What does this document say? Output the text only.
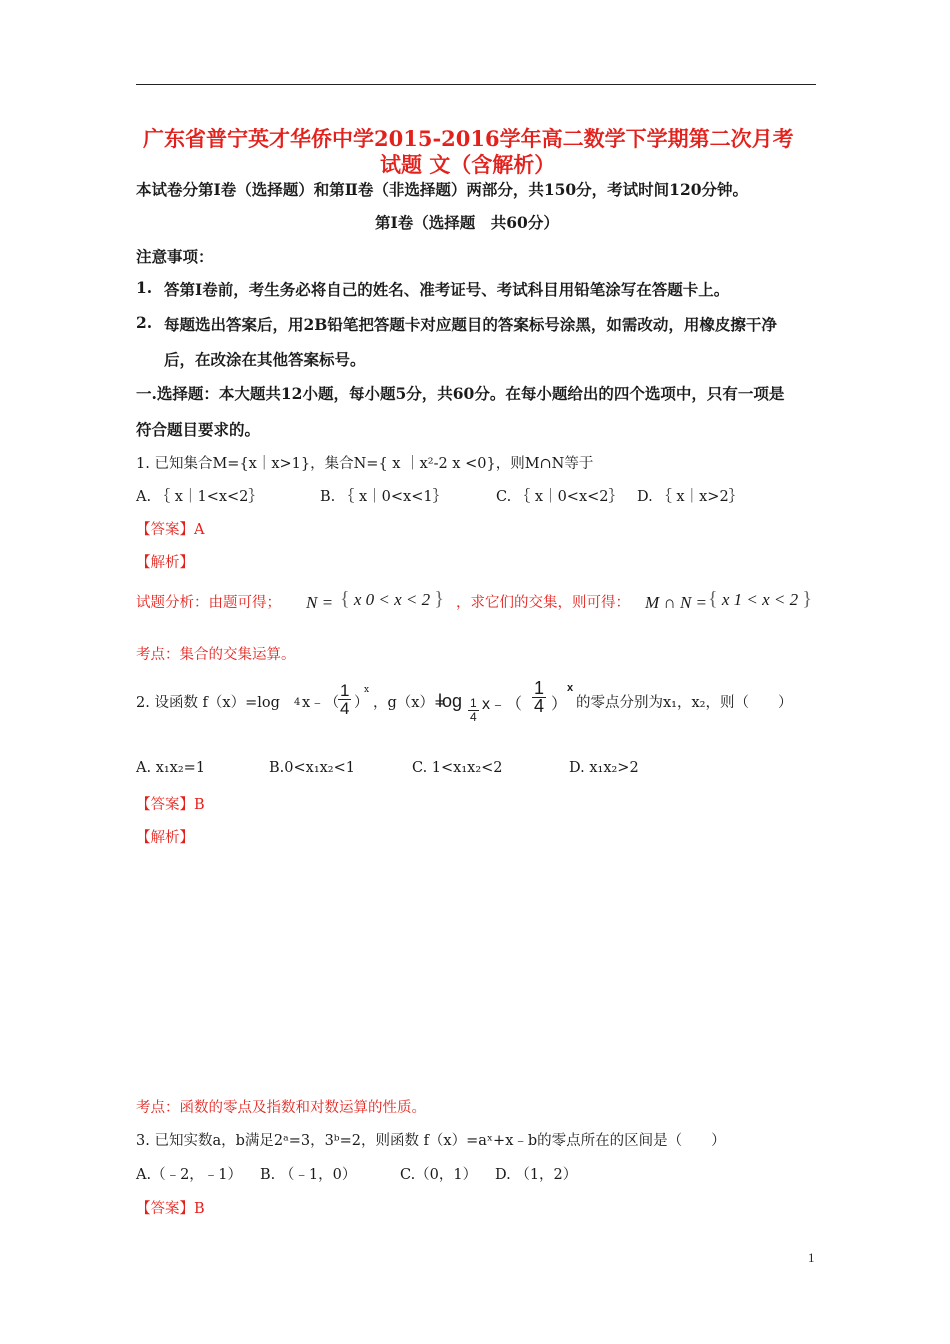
广东省普宁英才华侨中学2015-2016学年高二数学下学期第二次月考
试题 文（含解析）
本试卷分第Ⅰ卷（选择题）和第Ⅱ卷（非选择题）两部分，共150分，考试时间120分钟。
第Ⅰ卷（选择题　共60分）
注意事项：
1. 答第Ⅰ卷前，考生务必将自己的姓名、准考证号、考试科目用铅笔涂写在答题卡上。
2. 每题选出答案后，用2B铅笔把答题卡对应题目的答案标号涂黑，如需改动，用橡皮擦干净
后，在改涂在其他答案标号。
一.选择题：本大题共12小题，每小题5分，共60分。在每小题给出的四个选项中，只有一项是
符合题目要求的。
1. 已知集合M={x｜x>1}，集合N={ x ｜x²-2 x <0}，则M∩N等于
A. ｛ x｜1<x<2｝	B. ｛ x｜0<x<1｝	C. ｛ x｜0<x<2｝ D. ｛ x｜x>2｝
【答案】A
【解析】
试题分析：由题可得； N = { x 0 < x < 2 } ，求它们的交集，则可得： M ∩ N = { x 1 < x < 2 }
考点：集合的交集运算。
2. 设函数 f（x）=log 4 x﹣（
$\frac{1}{4}$ ）
x
，g（x）=
$\log \frac{1}{4}$ x﹣（ $\frac{1}{4}$ ）
x
的零点分别为x₁，x₂，则（　　）
A. x₁x₂=1	B.0<x₁x₂<1	C. 1<x₁x₂<2	D. x₁x₂>2
【答案】B
【解析】
考点：函数的零点及指数和对数运算的性质。
3. 已知实数a，b满足2ᵃ=3，3ᵇ=2，则函数 f（x）=aˣ+x﹣b的零点所在的区间是（　　）
A.（﹣2，﹣1） B. （﹣1，0）	C.（0，1） D. （1，2）
【答案】B
1
